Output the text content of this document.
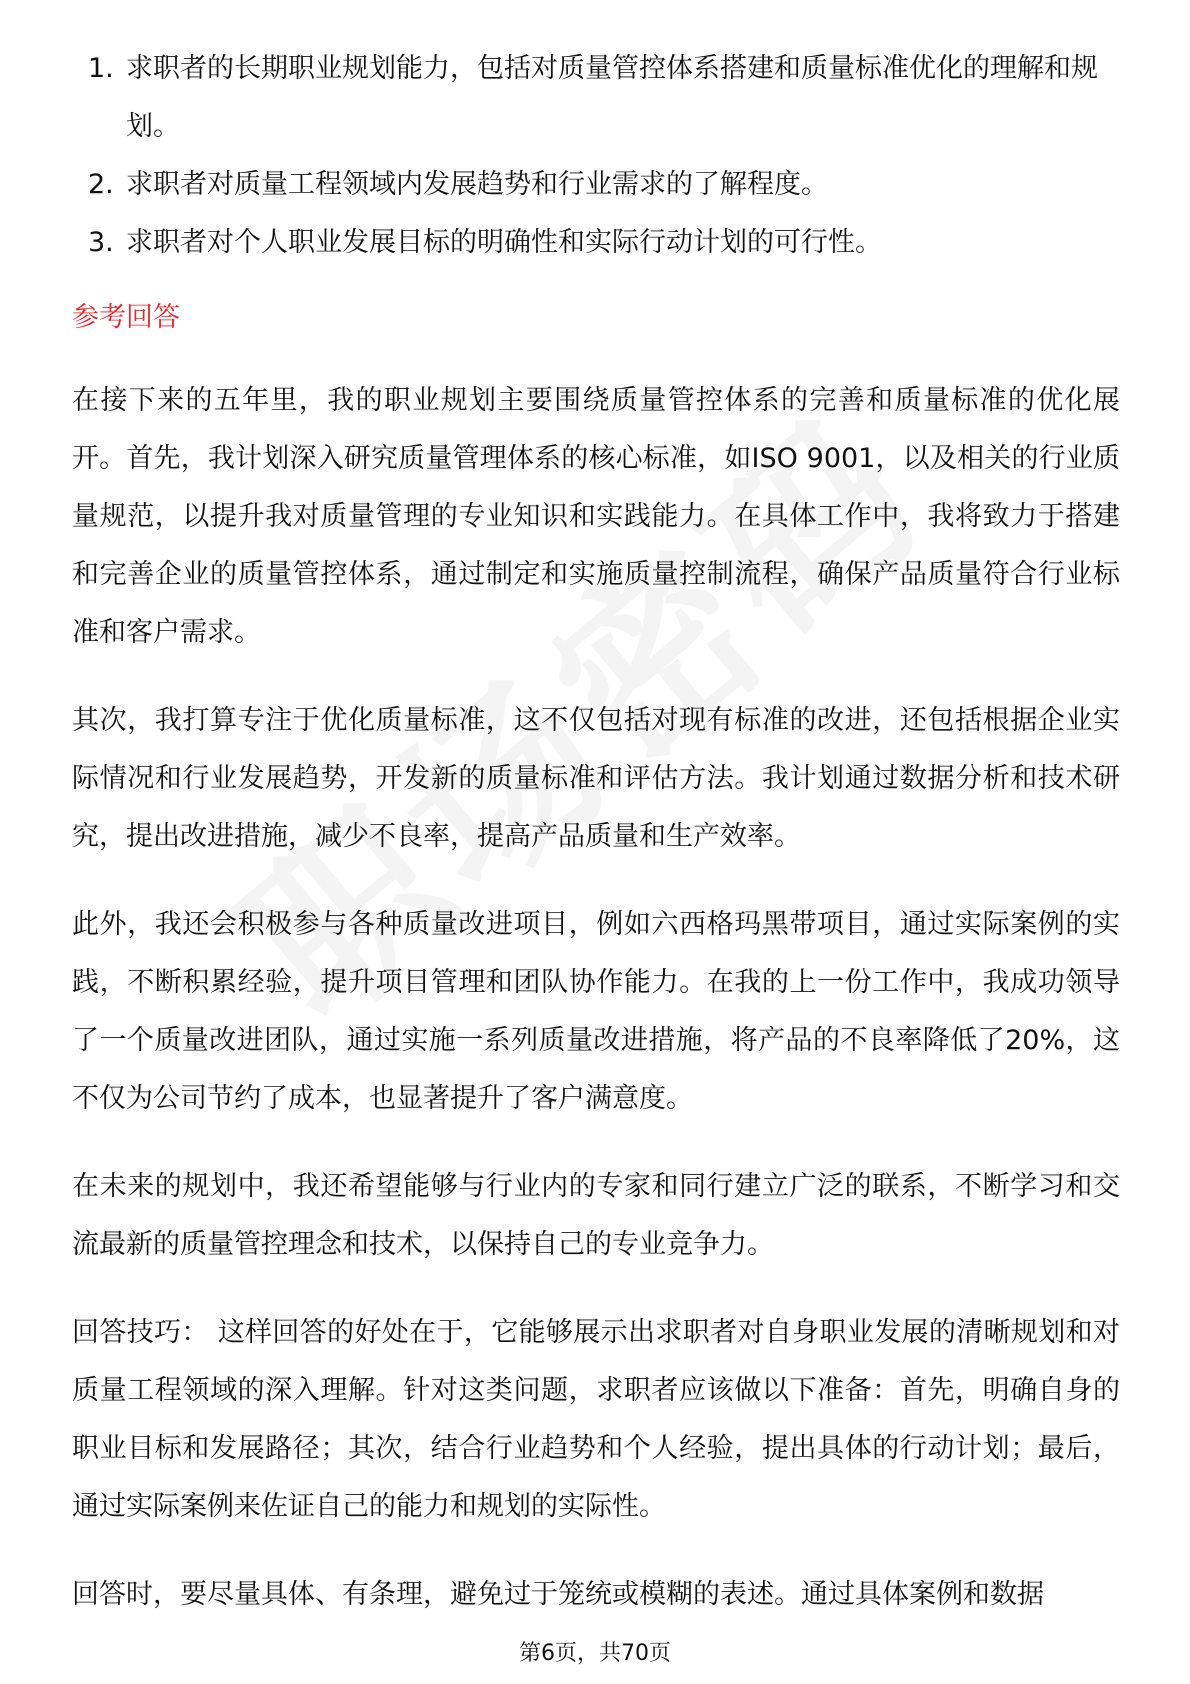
1. 求职者的长期职业规划能力，包括对质量管控体系搭建和质量标准优化的理解和规划。
2. 求职者对质量工程领域内发展趋势和行业需求的了解程度。
3. 求职者对个人职业发展目标的明确性和实际行动计划的可行性。
参考回答

在接下来的五年里，我的职业规划主要围绕质量管控体系的完善和质量标准的优化展开。首先，我计划深入研究质量管理体系的核心标准，如ISO 9001，以及相关的行业质量规范，以提升我对质量管理的专业知识和实践能力。在具体工作中，我将致力于搭建和完善企业的质量管控体系，通过制定和实施质量控制流程，确保产品质量符合行业标准和客户需求。

其次，我打算专注于优化质量标准，这不仅包括对现有标准的改进，还包括根据企业实际情况和行业发展趋势，开发新的质量标准和评估方法。我计划通过数据分析和技术研究，提出改进措施，减少不良率，提高产品质量和生产效率。

此外，我还会积极参与各种质量改进项目，例如六西格玛黑带项目，通过实际案例的实践，不断积累经验，提升项目管理和团队协作能力。在我的上一份工作中，我成功领导了一个质量改进团队，通过实施一系列质量改进措施，将产品的不良率降低了20%，这不仅为公司节约了成本，也显著提升了客户满意度。

在未来的规划中，我还希望能够与行业内的专家和同行建立广泛的联系，不断学习和交流最新的质量管控理念和技术，以保持自己的专业竞争力。

回答技巧： 这样回答的好处在于，它能够展示出求职者对自身职业发展的清晰规划和对质量工程领域的深入理解。针对这类问题，求职者应该做以下准备：首先，明确自身的职业目标和发展路径；其次，结合行业趋势和个人经验，提出具体的行动计划；最后，通过实际案例来佐证自己的能力和规划的实际性。

回答时，要尽量具体、有条理，避免过于笼统或模糊的表述。通过具体案例和数据

第6页，共70页
